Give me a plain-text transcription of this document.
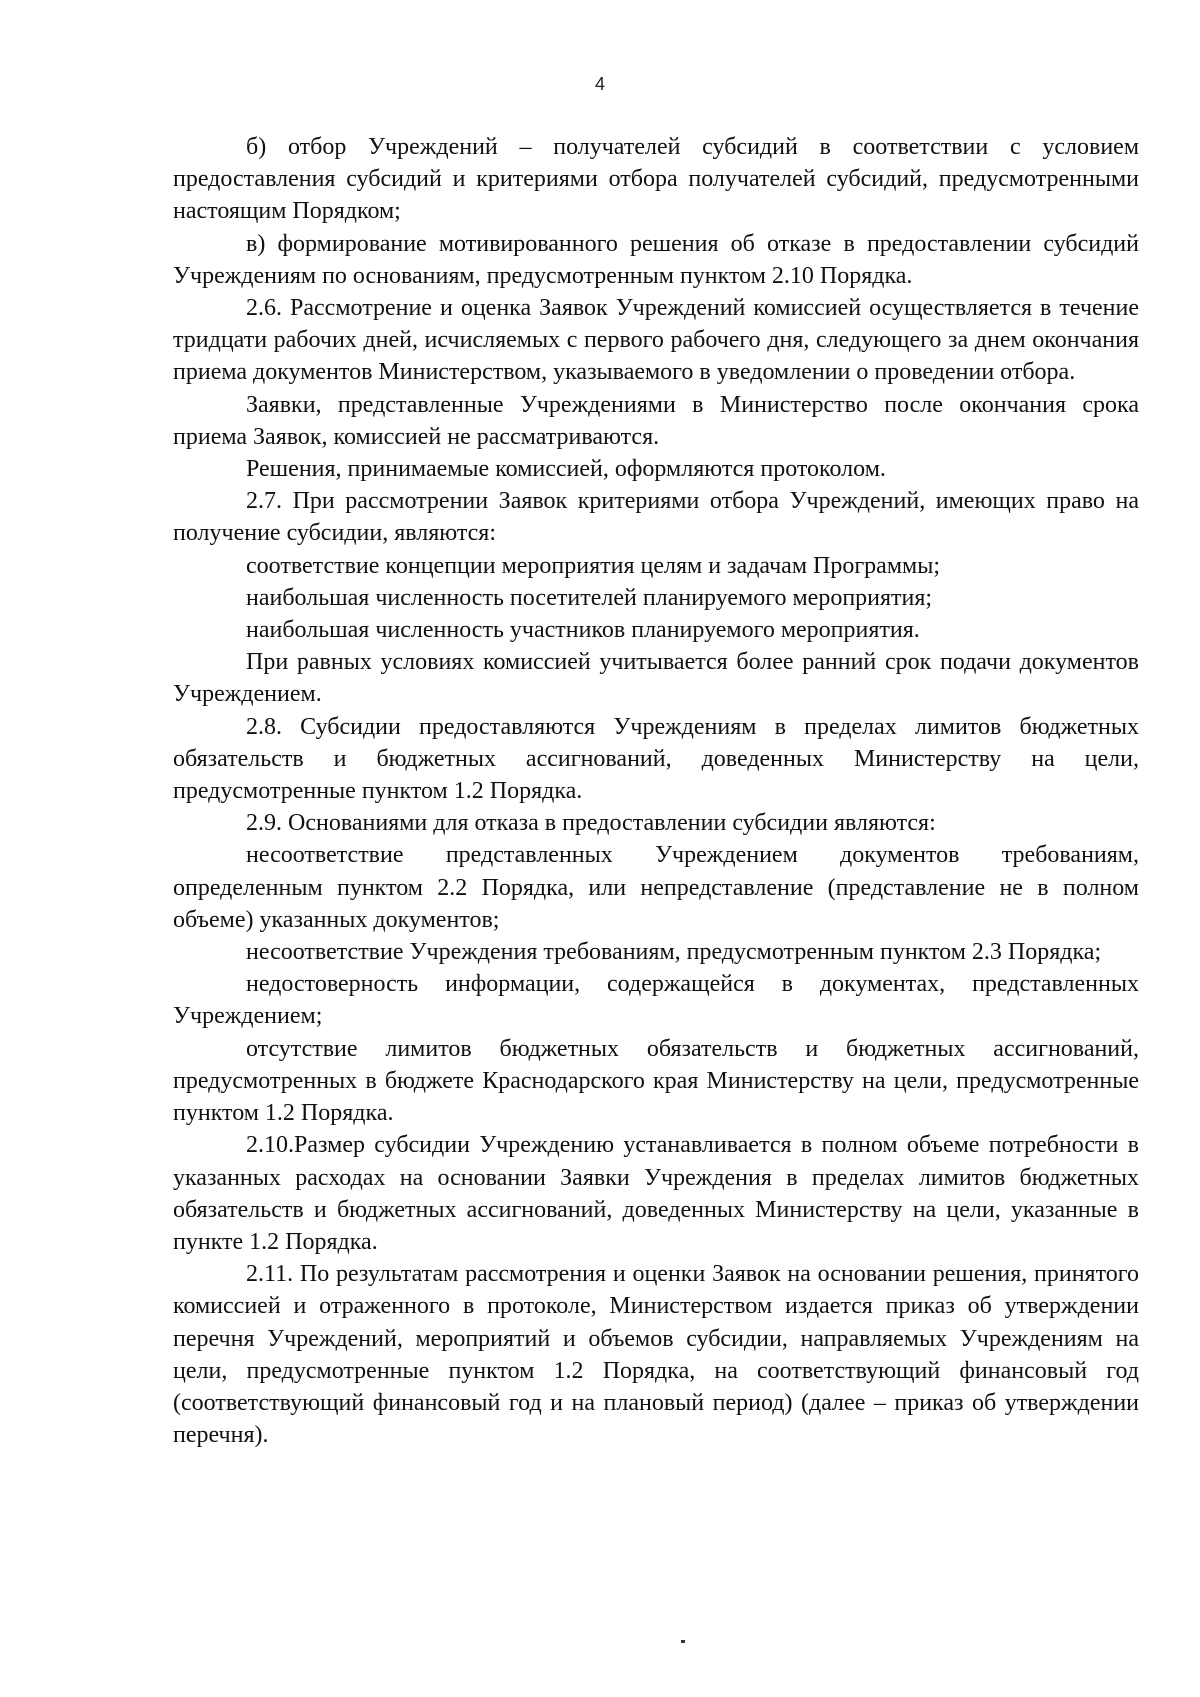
4

б) отбор Учреждений – получателей субсидий в соответствии с условием предоставления субсидий и критериями отбора получателей субсидий, предусмотренными настоящим Порядком;

в) формирование мотивированного решения об отказе в предоставлении субсидий Учреждениям по основаниям, предусмотренным пунктом 2.10 Порядка.

2.6. Рассмотрение и оценка Заявок Учреждений комиссией осуществляется в течение тридцати рабочих дней, исчисляемых с первого рабочего дня, следующего за днем окончания приема документов Министерством, указываемого в уведомлении о проведении отбора.

Заявки, представленные Учреждениями в Министерство после окончания срока приема Заявок, комиссией не рассматриваются.

Решения, принимаемые комиссией, оформляются протоколом.

2.7. При рассмотрении Заявок критериями отбора Учреждений, имеющих право на получение субсидии, являются:

соответствие концепции мероприятия целям и задачам Программы;

наибольшая численность посетителей планируемого мероприятия;

наибольшая численность участников планируемого мероприятия.

При равных условиях комиссией учитывается более ранний срок подачи документов Учреждением.

2.8. Субсидии предоставляются Учреждениям в пределах лимитов бюджетных обязательств и бюджетных ассигнований, доведенных Министерству на цели, предусмотренные пунктом 1.2 Порядка.

2.9. Основаниями для отказа в предоставлении субсидии являются:

несоответствие представленных Учреждением документов требованиям, определенным пунктом 2.2 Порядка, или непредставление (представление не в полном объеме) указанных документов;

несоответствие Учреждения требованиям, предусмотренным пунктом 2.3 Порядка;

недостоверность информации, содержащейся в документах, представленных Учреждением;

отсутствие лимитов бюджетных обязательств и бюджетных ассигнований, предусмотренных в бюджете Краснодарского края Министерству на цели, предусмотренные пунктом 1.2 Порядка.

2.10.Размер субсидии Учреждению устанавливается в полном объеме потребности в указанных расходах на основании Заявки Учреждения в пределах лимитов бюджетных обязательств и бюджетных ассигнований, доведенных Министерству на цели, указанные в пункте 1.2 Порядка.

2.11. По результатам рассмотрения и оценки Заявок на основании решения, принятого комиссией и отраженного в протоколе, Министерством издается приказ об утверждении перечня Учреждений, мероприятий и объемов субсидии, направляемых Учреждениям на цели, предусмотренные пунктом 1.2 Порядка, на соответствующий финансовый год (соответствующий финансовый год и на плановый период) (далее – приказ об утверждении перечня).
